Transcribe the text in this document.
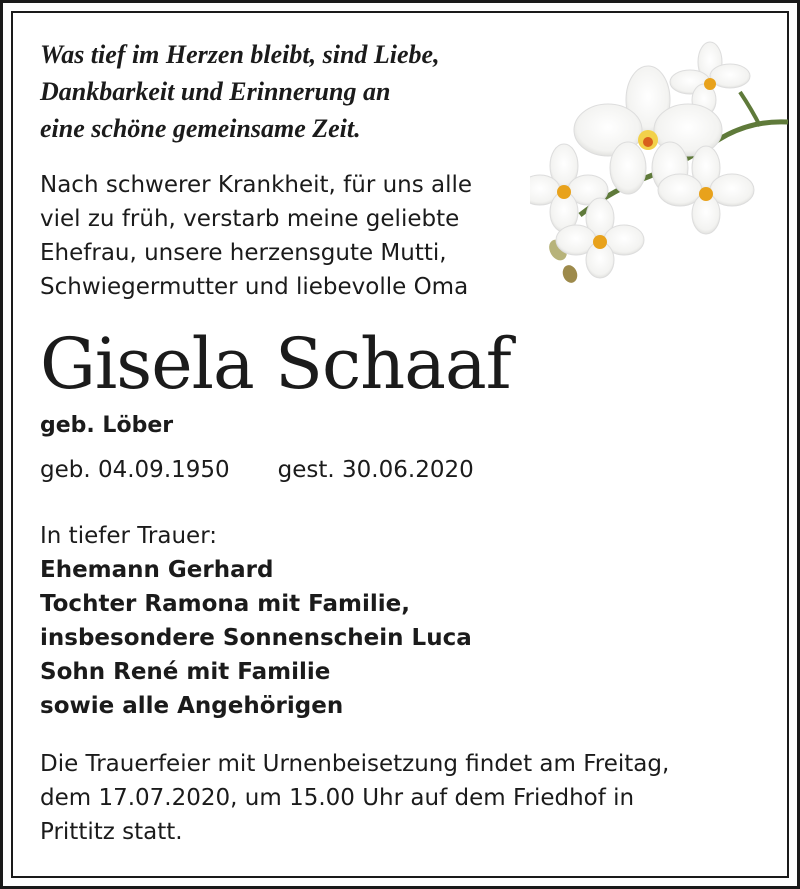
Was tief im Herzen bleibt, sind Liebe,
Dankbarkeit und Erinnerung an
eine schöne gemeinsame Zeit.
Nach schwerer Krankheit, für uns alle
viel zu früh, verstarb meine geliebte
Ehefrau, unsere herzensgute Mutti,
Schwiegermutter und liebevolle Oma
Gisela Schaaf
geb. Löber
geb. 04.09.1950 gest. 30.06.2020
In tiefer Trauer:
Ehemann Gerhard
Tochter Ramona mit Familie,
insbesondere Sonnenschein Luca
Sohn René mit Familie
sowie alle Angehörigen
Die Trauerfeier mit Urnenbeisetzung findet am Freitag,
dem 17.07.2020, um 15.00 Uhr auf dem Friedhof in
Prittitz statt.
